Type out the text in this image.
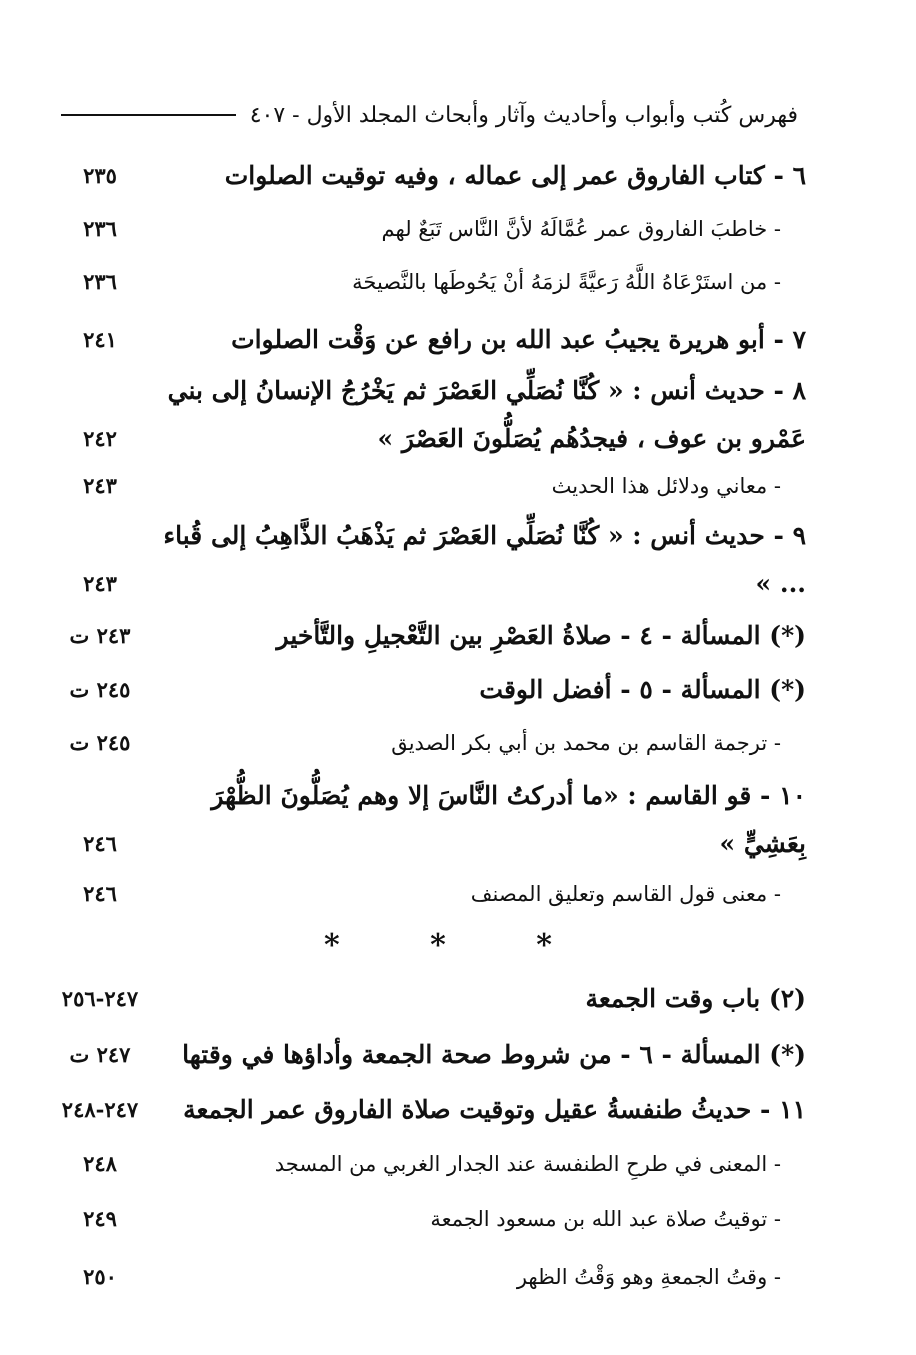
فهرس كُتب وأبواب وأحاديث وآثار وأبحاث المجلد الأول - ٤٠٧
٦ - كتاب الفاروق عمر إلى عماله ، وفيه توقيت الصلوات
٢٣٥
- خاطبَ الفاروق عمر عُمَّالَهُ لأنَّ النَّاس تَبَعٌ لهم
٢٣٦
- من استَرْعَاهُ اللَّهُ رَعيَّةً لزمَهُ أنْ يَحُوطَها بالنَّصيحَة
٢٣٦
٧ - أبو هريرة يجيبُ عبد الله بن رافع عن وَقْت الصلوات
٢٤١
٨ - حديث أنس : « كُنَّا نُصَلِّي العَصْرَ ثم يَخْرُجُ الإنسانُ إلى بني عَمْرو بن عوف ، فيجدُهُم يُصَلُّونَ العَصْرَ »
٢٤٢
- معاني ودلائل هذا الحديث
٢٤٣
٩ - حديث أنس : « كُنَّا نُصَلِّي العَصْرَ ثم يَذْهَبُ الذَّاهِبُ إلى قُباء ... »
٢٤٣
(*) المسألة - ٤ - صلاةُ العَصْرِ بين التَّعْجيلِ والتَّأخير
٢٤٣ ت
(*) المسألة - ٥ - أفضل الوقت
٢٤٥ ت
- ترجمة القاسم بن محمد بن أبي بكر الصديق
٢٤٥ ت
١٠ - قو القاسم : «ما أدركتُ النَّاسَ إلا وهم يُصَلُّونَ الظُّهْرَ بِعَشِيٍّ »
٢٤٦
- معنى قول القاسم وتعليق المصنف
٢٤٦
* * *
(٢) باب وقت الجمعة
٢٤٧-٢٥٦
(*) المسألة - ٦ - من شروط صحة الجمعة وأداؤها في وقتها
٢٤٧ ت
١١ - حديثُ طنفسةُ عقيل وتوقيت صلاة الفاروق عمر الجمعة
٢٤٧-٢٤٨
- المعنى في طرحِ الطنفسة عند الجدار الغربي من المسجد
٢٤٨
- توقيتُ صلاة عبد الله بن مسعود الجمعة
٢٤٩
- وقتُ الجمعةِ وهو وَقْتُ الظهر
٢٥٠
